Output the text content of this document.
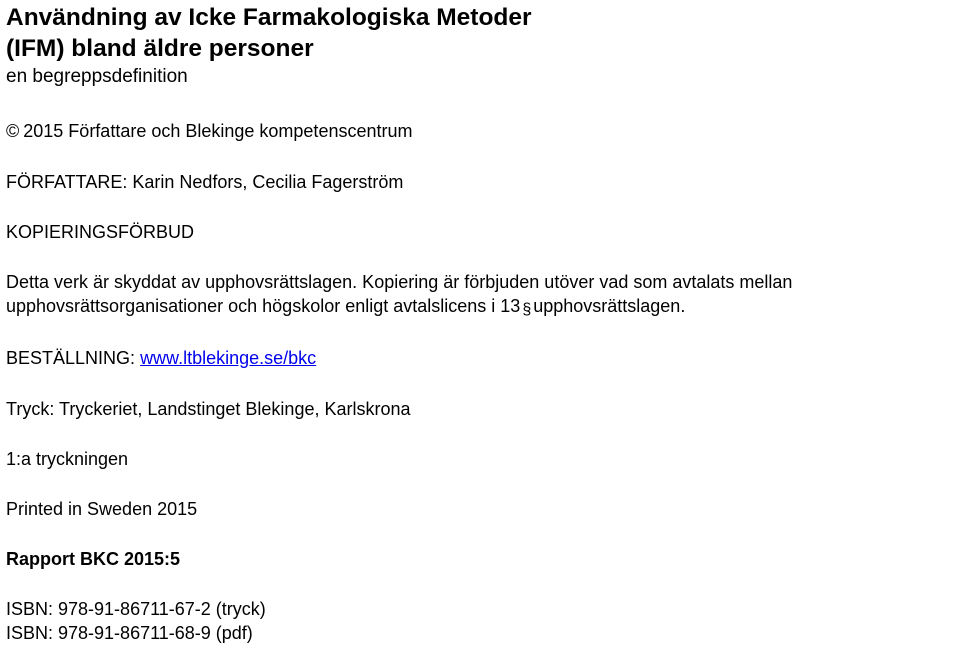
Användning av Icke Farmakologiska Metoder

(IFM) bland äldre personer

en begreppsdefinition

© 2015 Författare och Blekinge kompetenscentrum

FÖRFATTARE: Karin Nedfors, Cecilia Fagerström

KOPIERINGSFÖRBUD

Detta verk är skyddat av upphovsrättslagen. Kopiering är förbjuden utöver vad som avtalats mellan upphovsrättsorganisationer och högskolor enligt avtalslicens i 13 § upphovsrättslagen.

BESTÄLLNING: www.ltblekinge.se/bkc

Tryck: Tryckeriet, Landstinget Blekinge, Karlskrona

1:a tryckningen

Printed in Sweden 2015

Rapport BKC 2015:5

ISBN: 978-91-86711-67-2 (tryck)

ISBN: 978-91-86711-68-9 (pdf)
